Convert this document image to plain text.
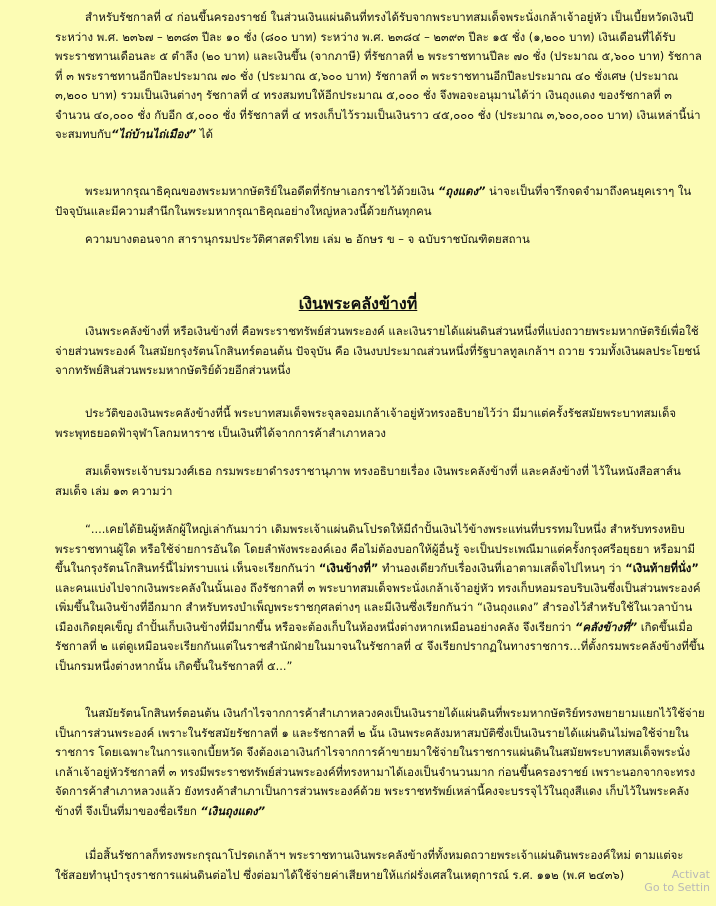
สำหรับรัชกาลที่ ๔ ก่อนขึ้นครองราชย์ ในส่วนเงินแผ่นดินที่ทรงได้รับจากพระบาทสมเด็จพระนั่งเกล้าเจ้าอยู่หัว เป็นเบี้ยหวัดเงินปีระหว่าง พ.ศ. ๒๓๖๗ – ๒๓๘๓ ปีละ ๑๐ ชั่ง (๘๐๐ บาท) ระหว่าง พ.ศ. ๒๓๘๔ – ๒๓๙๓ ปีละ ๑๕ ชั่ง (๑,๒๐๐ บาท) เงินเดือนที่ได้รับพระราชทานเดือนละ ๕ ตำลึง (๒๐ บาท) และเงินขึ้น (จากภาษี) ที่รัชกาลที่ ๒ พระราชทานปีละ ๗๐ ชั่ง (ประมาณ ๕,๖๐๐ บาท) รัชกาลที่ ๓ พระราชทานอีกปีละประมาณ ๗๐ ชั่ง (ประมาณ ๕,๖๐๐ บาท) รัชกาลที่ ๓ พระราชทานอีกปีละประมาณ ๔๐ ชั่งเศษ (ประมาณ ๓,๒๐๐ บาท) รวมเป็นเงินต่างๆ รัชกาลที่ ๔ ทรงสมทบให้อีกประมาณ ๕,๐๐๐ ชั่ง จึงพอจะอนุมานได้ว่า เงินถุงแดง ของรัชกาลที่ ๓ จำนวน ๔๐,๐๐๐ ชั่ง กับอีก ๕,๐๐๐ ชั่ง ที่รัชกาลที่ ๔ ทรงเก็บไว้รวมเป็นเงินราว ๔๕,๐๐๐ ชั่ง (ประมาณ ๓,๖๐๐,๐๐๐ บาท) เงินเหล่านี้น่าจะสมทบกับ“ไถ่บ้านไถ่เมือง” ได้

พระมหากรุณาธิคุณของพระมหากษัตริย์ในอดีตที่รักษาเอกราชไว้ด้วยเงิน “ถุงแดง” น่าจะเป็นที่จารึกจดจำมาถึงคนยุคเราๆ ในปัจจุบันและมีความสำนึกในพระมหากรุณาธิคุณอย่างใหญ่หลวงนี้ด้วยกันทุกคน

ความบางตอนจาก สารานุกรมประวัติศาสตร์ไทย เล่ม ๒ อักษร ข – จ ฉบับราชบัณฑิตยสถาน

เงินพระคลังข้างที่

เงินพระคลังข้างที่ หรือเงินข้างที่ คือพระราชทรัพย์ส่วนพระองค์ และเงินรายได้แผ่นดินส่วนหนึ่งที่แบ่งถวายพระมหากษัตริย์เพื่อใช้จ่ายส่วนพระองค์ ในสมัยกรุงรัตนโกสินทร์ตอนต้น ปัจจุบัน คือ เงินงบประมาณส่วนหนึ่งที่รัฐบาลทูลเกล้าฯ ถวาย รวมทั้งเงินผลประโยชน์จากทรัพย์สินส่วนพระมหากษัตริย์ด้วยอีกส่วนหนึ่ง

ประวัติของเงินพระคลังข้างที่นี้ พระบาทสมเด็จพระจุลจอมเกล้าเจ้าอยู่หัวทรงอธิบายไว้ว่า มีมาแต่ครั้งรัชสมัยพระบาทสมเด็จพระพุทธยอดฟ้าจุฬาโลกมหาราช เป็นเงินที่ได้จากการค้าสำเภาหลวง

สมเด็จพระเจ้าบรมวงศ์เธอ กรมพระยาดำรงราชานุภาพ ทรงอธิบายเรื่อง เงินพระคลังข้างที่ และคลังข้างที่ ไว้ในหนังสือสาส์นสมเด็จ เล่ม ๑๓ ความว่า

“....เคยได้ยินผู้หลักผู้ใหญ่เล่ากันมาว่า เดิมพระเจ้าแผ่นดินโปรดให้มีถำปั้นเงินไว้ข้างพระแท่นที่บรรทมใบหนึ่ง สำหรับทรงหยิบพระราชทานผู้ใด หรือใช้จ่ายการอันใด โดยลำพังพระองค์เอง คือไม่ต้องบอกให้ผู้อื่นรู้ จะเป็นประเพณีมาแต่ครั้งกรุงศรีอยุธยา หรือมามีขึ้นในกรุงรัตนโกสินทร์นี้ไม่ทราบแน่ เห็นจะเรียกกันว่า “เงินข้างที่” ทำนองเดียวกับเรื่องเงินที่เอาตามเสด็จไปไหนๆ ว่า “เงินท้ายที่นั่ง” และคนแบ่งไปจากเงินพระคลังในนั้นเอง ถึงรัชกาลที่ ๓ พระบาทสมเด็จพระนั่งเกล้าเจ้าอยู่หัว ทรงเก็บหอมรอบริบเงินซึ่งเป็นส่วนพระองค์เพิ่มขึ้นในเงินข้างที่อีกมาก สำหรับทรงบำเพ็ญพระราชกุศลต่างๆ และมีเงินซึ่งเรียกกันว่า “เงินถุงแดง” สำรองไว้สำหรับใช้ในเวลาบ้านเมืองเกิดยุคเข็ญ ถำปั้นเก็บเงินข้างที่มีมากขึ้น หรือจะต้องเก็บในห้องหนึ่งต่างหากเหมือนอย่างคลัง จึงเรียกว่า “คลังข้างที่” เกิดขึ้นเมื่อรัชกาลที่ ๒ แต่ดูเหมือนจะเรียกกันแต่ในราชสำนักฝ่ายในมาจนในรัชกาลที่ ๔ จึงเรียกปรากฏในทางราชการ…ที่ตั้งกรมพระคลังข้างที่ขึ้น เป็นกรมหนึ่งต่างหากนั้น เกิดขึ้นในรัชกาลที่ ๕...”

ในสมัยรัตนโกสินทร์ตอนต้น เงินกำไรจากการค้าสำเภาหลวงคงเป็นเงินรายได้แผ่นดินที่พระมหากษัตริย์ทรงพยายามแยกไว้ใช้จ่ายเป็นการส่วนพระองค์ เพราะในรัชสมัยรัชกาลที่ ๑ และรัชกาลที่ ๒ นั้น เงินพระคลังมหาสมบัติซึ่งเป็นเงินรายได้แผ่นดินไม่พอใช้จ่ายในราชการ โดยเฉพาะในการแจกเบี้ยหวัด จึงต้องเอาเงินกำไรจากการค้าขายมาใช้จ่ายในราชการแผ่นดินในสมัยพระบาทสมเด็จพระนั่งเกล้าเจ้าอยู่หัวรัชกาลที่ ๓ ทรงมีพระราชทรัพย์ส่วนพระองค์ที่ทรงหามาได้เองเป็นจำนวนมาก ก่อนขึ้นครองราชย์ เพราะนอกจากจะทรงจัดการค้าสำเภาหลวงแล้ว ยังทรงค้าสำเภาเป็นการส่วนพระองค์ด้วย พระราชทรัพย์เหล่านี้คงจะบรรจุไว้ในถุงสีแดง เก็บไว้ในพระคลังข้างที่ จึงเป็นที่มาของชื่อเรียก “เงินถุงแดง”

เมื่อสิ้นรัชกาลก็ทรงพระกรุณาโปรดเกล้าฯ พระราชทานเงินพระคลังข้างที่ทั้งหมดถวายพระเจ้าแผ่นดินพระองค์ใหม่ ตามแต่จะใช้สอยทำนุบำรุงราชการแผ่นดินต่อไป ซึ่งต่อมาได้ใช้จ่ายค่าเสียหายให้แก่ฝรั่งเศสในเหตุการณ์ ร.ศ. ๑๑๒ (พ.ศ ๒๔๓๖)	Activat
Go to Settin
